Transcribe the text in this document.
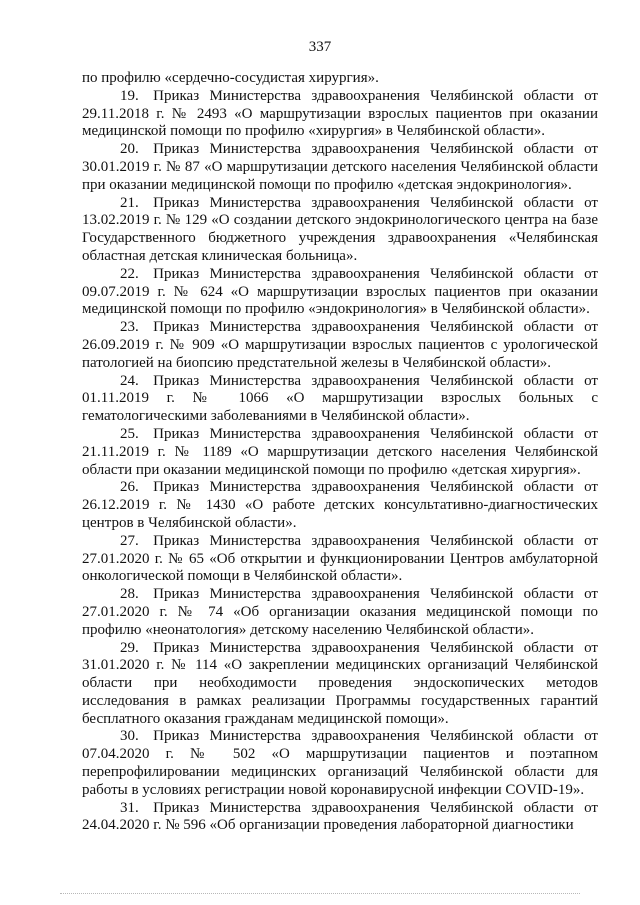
337

по профилю «сердечно-сосудистая хирургия».

19. Приказ Министерства здравоохранения Челябинской области от 29.11.2018 г. № 2493 «О маршрутизации взрослых пациентов при оказании медицинской помощи по профилю «хирургия» в Челябинской области».

20. Приказ Министерства здравоохранения Челябинской области от 30.01.2019 г. № 87 «О маршрутизации детского населения Челябинской области при оказании медицинской помощи по профилю «детская эндокринология».

21. Приказ Министерства здравоохранения Челябинской области от 13.02.2019 г. № 129 «О создании детского эндокринологического центра на базе Государственного бюджетного учреждения здравоохранения «Челябинская областная детская клиническая больница».

22. Приказ Министерства здравоохранения Челябинской области от 09.07.2019 г. № 624 «О маршрутизации взрослых пациентов при оказании медицинской помощи по профилю «эндокринология» в Челябинской области».

23. Приказ Министерства здравоохранения Челябинской области от 26.09.2019 г. № 909 «О маршрутизации взрослых пациентов с урологической патологией на биопсию предстательной железы в Челябинской области».

24. Приказ Министерства здравоохранения Челябинской области от 01.11.2019 г. № 1066 «О маршрутизации взрослых больных с гематологическими заболеваниями в Челябинской области».

25. Приказ Министерства здравоохранения Челябинской области от 21.11.2019 г. № 1189 «О маршрутизации детского населения Челябинской области при оказании медицинской помощи по профилю «детская хирургия».

26. Приказ Министерства здравоохранения Челябинской области от 26.12.2019 г. № 1430 «О работе детских консультативно-диагностических центров в Челябинской области».

27. Приказ Министерства здравоохранения Челябинской области от 27.01.2020 г. № 65 «Об открытии и функционировании Центров амбулаторной онкологической помощи в Челябинской области».

28. Приказ Министерства здравоохранения Челябинской области от 27.01.2020 г. № 74 «Об организации оказания медицинской помощи по профилю «неонатология» детскому населению Челябинской области».

29. Приказ Министерства здравоохранения Челябинской области от 31.01.2020 г. № 114 «О закреплении медицинских организаций Челябинской области при необходимости проведения эндоскопических методов исследования в рамках реализации Программы государственных гарантий бесплатного оказания гражданам медицинской помощи».

30. Приказ Министерства здравоохранения Челябинской области от 07.04.2020 г. № 502 «О маршрутизации пациентов и поэтапном перепрофилировании медицинских организаций Челябинской области для работы в условиях регистрации новой коронавирусной инфекции COVID-19».

31. Приказ Министерства здравоохранения Челябинской области от 24.04.2020 г. № 596 «Об организации проведения лабораторной диагностики
